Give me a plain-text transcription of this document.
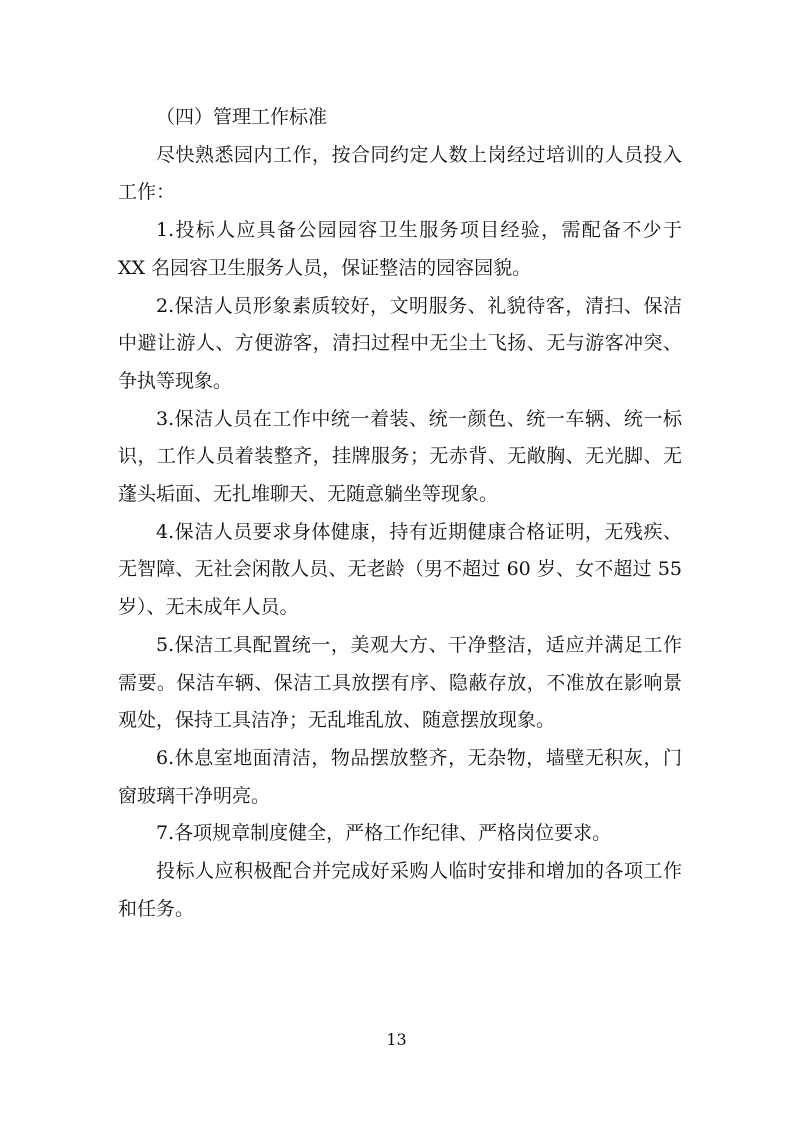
（四）管理工作标准

尽快熟悉园内工作，按合同约定人数上岗经过培训的人员投入工作：

1.投标人应具备公园园容卫生服务项目经验，需配备不少于 XX 名园容卫生服务人员，保证整洁的园容园貌。

2.保洁人员形象素质较好，文明服务、礼貌待客，清扫、保洁中避让游人、方便游客，清扫过程中无尘土飞扬、无与游客冲突、争执等现象。

3.保洁人员在工作中统一着装、统一颜色、统一车辆、统一标识，工作人员着装整齐，挂牌服务；无赤背、无敞胸、无光脚、无蓬头垢面、无扎堆聊天、无随意躺坐等现象。

4.保洁人员要求身体健康，持有近期健康合格证明，无残疾、无智障、无社会闲散人员、无老龄（男不超过 60 岁、女不超过 55 岁）、无未成年人员。

5.保洁工具配置统一，美观大方、干净整洁，适应并满足工作需要。保洁车辆、保洁工具放摆有序、隐蔽存放，不准放在影响景观处，保持工具洁净；无乱堆乱放、随意摆放现象。

6.休息室地面清洁，物品摆放整齐，无杂物，墙壁无积灰，门窗玻璃干净明亮。

7.各项规章制度健全，严格工作纪律、严格岗位要求。

投标人应积极配合并完成好采购人临时安排和增加的各项工作和任务。

13
